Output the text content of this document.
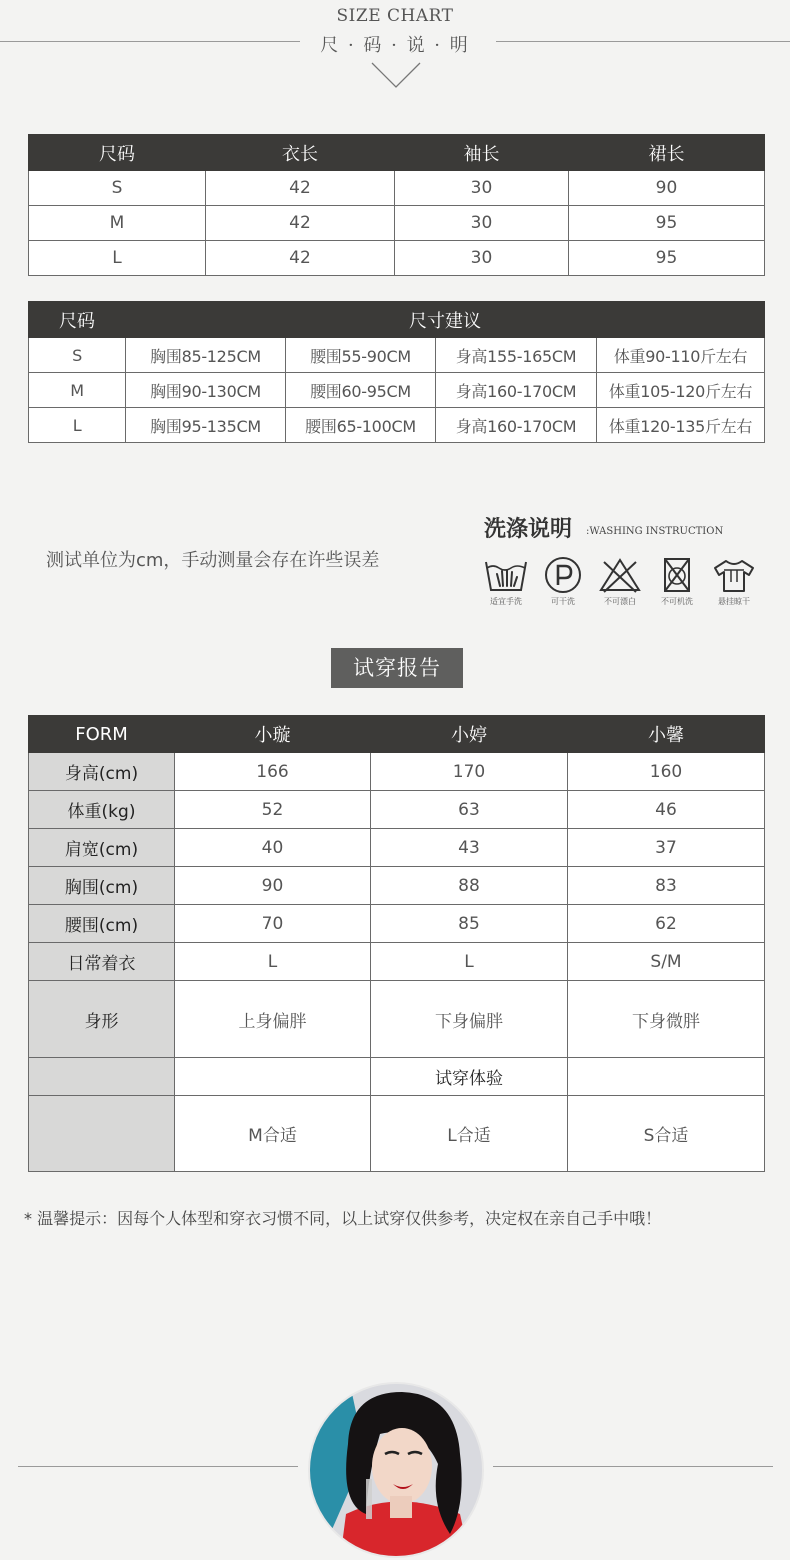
SIZE CHART
尺 · 码 · 说 · 明
尺码	衣长	袖长	裙长
S	42	30	90
M	42	30	95
L	42	30	95
尺码	尺寸建议			
S	胸围85-125CM	腰围55-90CM	身高155-165CM	体重90-110斤左右
M	胸围90-130CM	腰围60-95CM	身高160-170CM	体重105-120斤左右
L	胸围95-135CM	腰围65-100CM	身高160-170CM	体重120-135斤左右
测试单位为cm，手动测量会存在许些误差
洗涤说明 :WASHING INSTRUCTION
适宜手洗	可干洗	不可漂白	不可机洗	悬挂晾干
试穿报告
FORM	小璇	小婷	小馨
身高(cm)	166	170	160
体重(kg)	52	63	46
肩宽(cm)	40	43	37
胸围(cm)	90	88	83
腰围(cm)	70	85	62
日常着衣	L	L	S/M
身形	上身偏胖	下身偏胖	下身微胖
		试穿体验	
	M合适	L合适	S合适
* 温馨提示：因每个人体型和穿衣习惯不同，以上试穿仅供参考，决定权在亲自己手中哦！
